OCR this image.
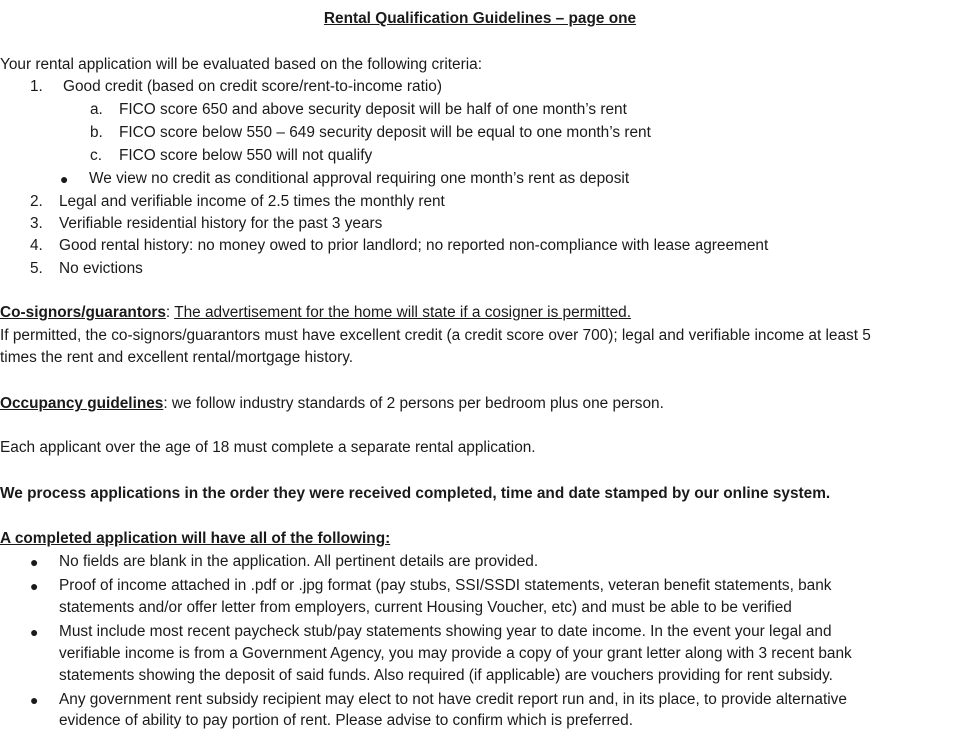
Rental Qualification Guidelines – page one
Your rental application will be evaluated based on the following criteria:
1. Good credit (based on credit score/rent-to-income ratio)
a. FICO score 650 and above security deposit will be half of one month’s rent
b. FICO score below 550 – 649 security deposit will be equal to one month’s rent
c. FICO score below 550 will not qualify
● We view no credit as conditional approval requiring one month’s rent as deposit
2. Legal and verifiable income of 2.5 times the monthly rent
3. Verifiable residential history for the past 3 years
4. Good rental history: no money owed to prior landlord; no reported non-compliance with lease agreement
5. No evictions
Co-signors/guarantors: The advertisement for the home will state if a cosigner is permitted.
If permitted, the co-signors/guarantors must have excellent credit (a credit score over 700); legal and verifiable income at least 5
times the rent and excellent rental/mortgage history.
Occupancy guidelines: we follow industry standards of 2 persons per bedroom plus one person.
Each applicant over the age of 18 must complete a separate rental application.
We process applications in the order they were received completed, time and date stamped by our online system.
A completed application will have all of the following:
● No fields are blank in the application. All pertinent details are provided.
● Proof of income attached in .pdf or .jpg format (pay stubs, SSI/SSDI statements, veteran benefit statements, bank
statements and/or offer letter from employers, current Housing Voucher, etc) and must be able to be verified
● Must include most recent paycheck stub/pay statements showing year to date income. In the event your legal and
verifiable income is from a Government Agency, you may provide a copy of your grant letter along with 3 recent bank
statements showing the deposit of said funds. Also required (if applicable) are vouchers providing for rent subsidy.
● Any government rent subsidy recipient may elect to not have credit report run and, in its place, to provide alternative
evidence of ability to pay portion of rent. Please advise to confirm which is preferred.
